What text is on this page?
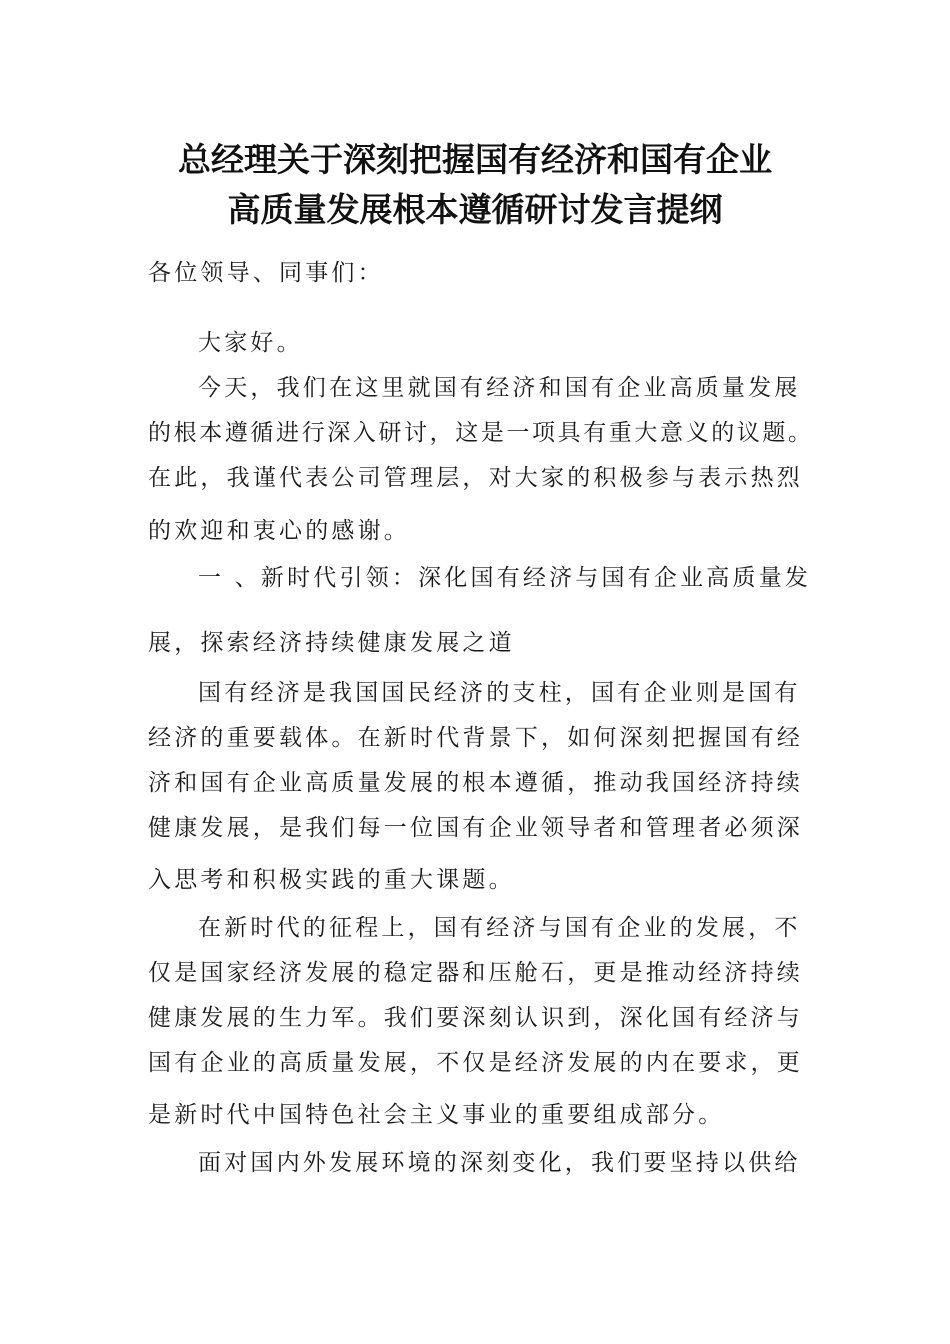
总经理关于深刻把握国有经济和国有企业
高质量发展根本遵循研讨发言提纲
各位领导、同事们：
大家好。
今天，我们在这里就国有经济和国有企业高质量发展
的根本遵循进行深入研讨，这是一项具有重大意义的议题。
在此，我谨代表公司管理层，对大家的积极参与表示热烈
的欢迎和衷心的感谢。
一 、新时代引领：深化国有经济与国有企业高质量发
展，探索经济持续健康发展之道
国有经济是我国国民经济的支柱，国有企业则是国有
经济的重要载体。在新时代背景下，如何深刻把握国有经
济和国有企业高质量发展的根本遵循，推动我国经济持续
健康发展，是我们每一位国有企业领导者和管理者必须深
入思考和积极实践的重大课题。
在新时代的征程上，国有经济与国有企业的发展，不
仅是国家经济发展的稳定器和压舱石，更是推动经济持续
健康发展的生力军。我们要深刻认识到，深化国有经济与
国有企业的高质量发展，不仅是经济发展的内在要求，更
是新时代中国特色社会主义事业的重要组成部分。
面对国内外发展环境的深刻变化，我们要坚持以供给
